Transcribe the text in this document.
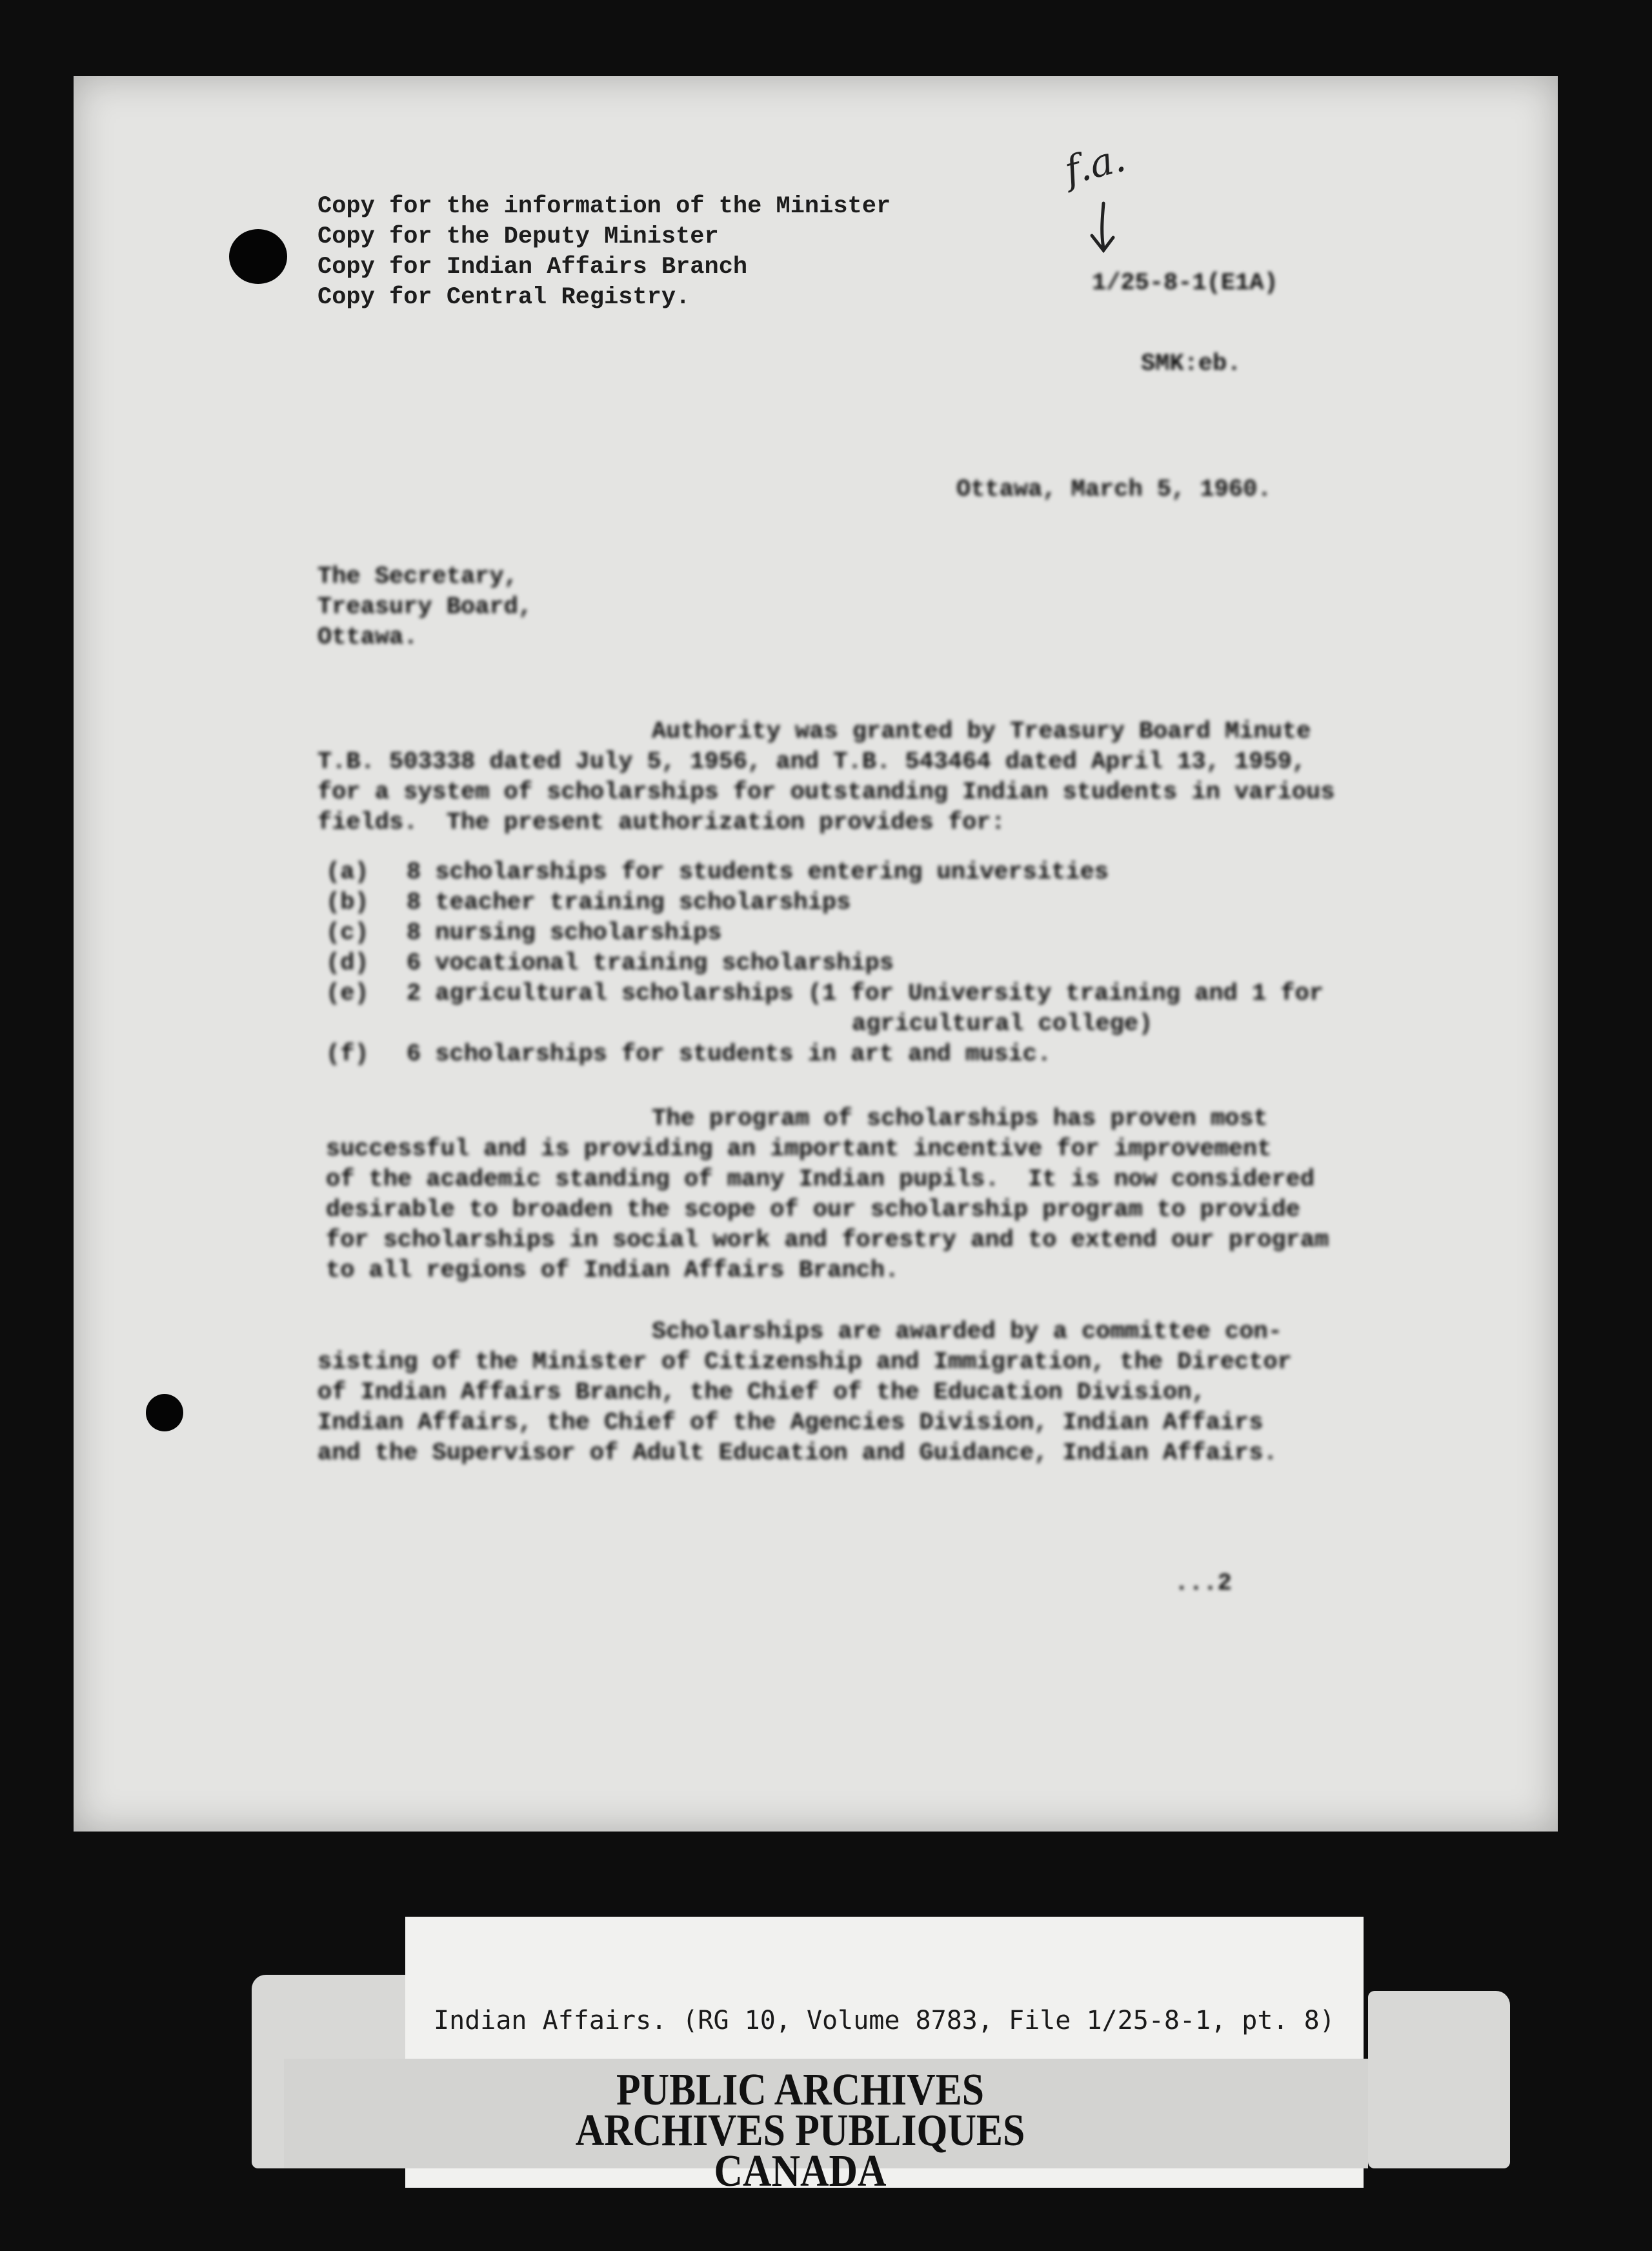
Copy for the information of the Minister
Copy for the Deputy Minister
Copy for Indian Affairs Branch
Copy for Central Registry.
f.a.
1/25-8-1(E1A)
SMK:eb.
Ottawa, March 5, 1960.
The Secretary,
Treasury Board,
Ottawa.
Authority was granted by Treasury Board Minute
T.B. 503338 dated July 5, 1956, and T.B. 543464 dated April 13, 1959,
for a system of scholarships for outstanding Indian students in various
fields.  The present authorization provides for:
(a) 8 scholarships for students entering universities
(b) 8 teacher training scholarships
(c) 8 nursing scholarships
(d) 6 vocational training scholarships
(e) 2 agricultural scholarships (1 for University training and 1 for
agricultural college)
(f) 6 scholarships for students in art and music.
The program of scholarships has proven most
successful and is providing an important incentive for improvement
of the academic standing of many Indian pupils.  It is now considered
desirable to broaden the scope of our scholarship program to provide
for scholarships in social work and forestry and to extend our program
to all regions of Indian Affairs Branch.
Scholarships are awarded by a committee con-
sisting of the Minister of Citizenship and Immigration, the Director
of Indian Affairs Branch, the Chief of the Education Division,
Indian Affairs, the Chief of the Agencies Division, Indian Affairs
and the Supervisor of Adult Education and Guidance, Indian Affairs.
...2
Indian Affairs. (RG 10, Volume 8783, File 1/25-8-1, pt. 8)
PUBLIC ARCHIVES
ARCHIVES PUBLIQUES
CANADA
